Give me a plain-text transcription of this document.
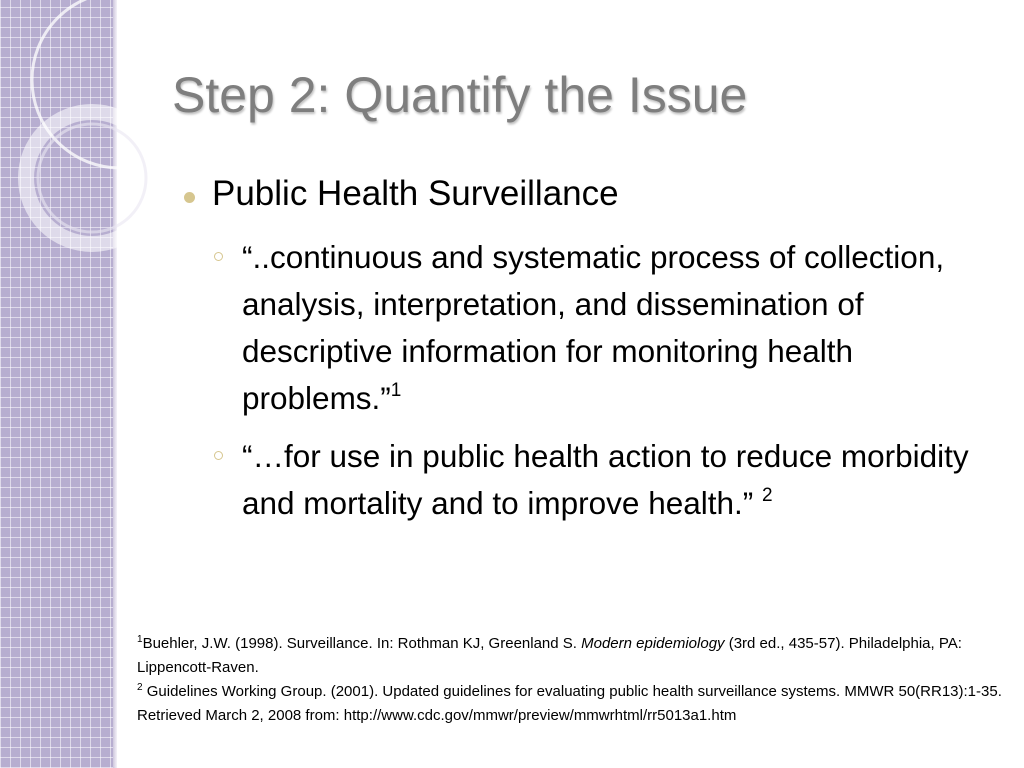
Step 2: Quantify the Issue
Public Health Surveillance
“..continuous and systematic process of collection, analysis, interpretation, and dissemination of descriptive information for monitoring health problems.”$^1$
“…for use in public health action to reduce morbidity and mortality and to improve health.” $^2$
$^1$Buehler, J.W. (1998). Surveillance. In: Rothman KJ, Greenland S. Modern epidemiology (3rd ed., 435-57). Philadelphia, PA: Lippencott-Raven.
$^2$ Guidelines Working Group. (2001). Updated guidelines for evaluating public health surveillance systems. MMWR 50(RR13):1-35. Retrieved March 2, 2008 from: http://www.cdc.gov/mmwr/preview/mmwrhtml/rr5013a1.htm
